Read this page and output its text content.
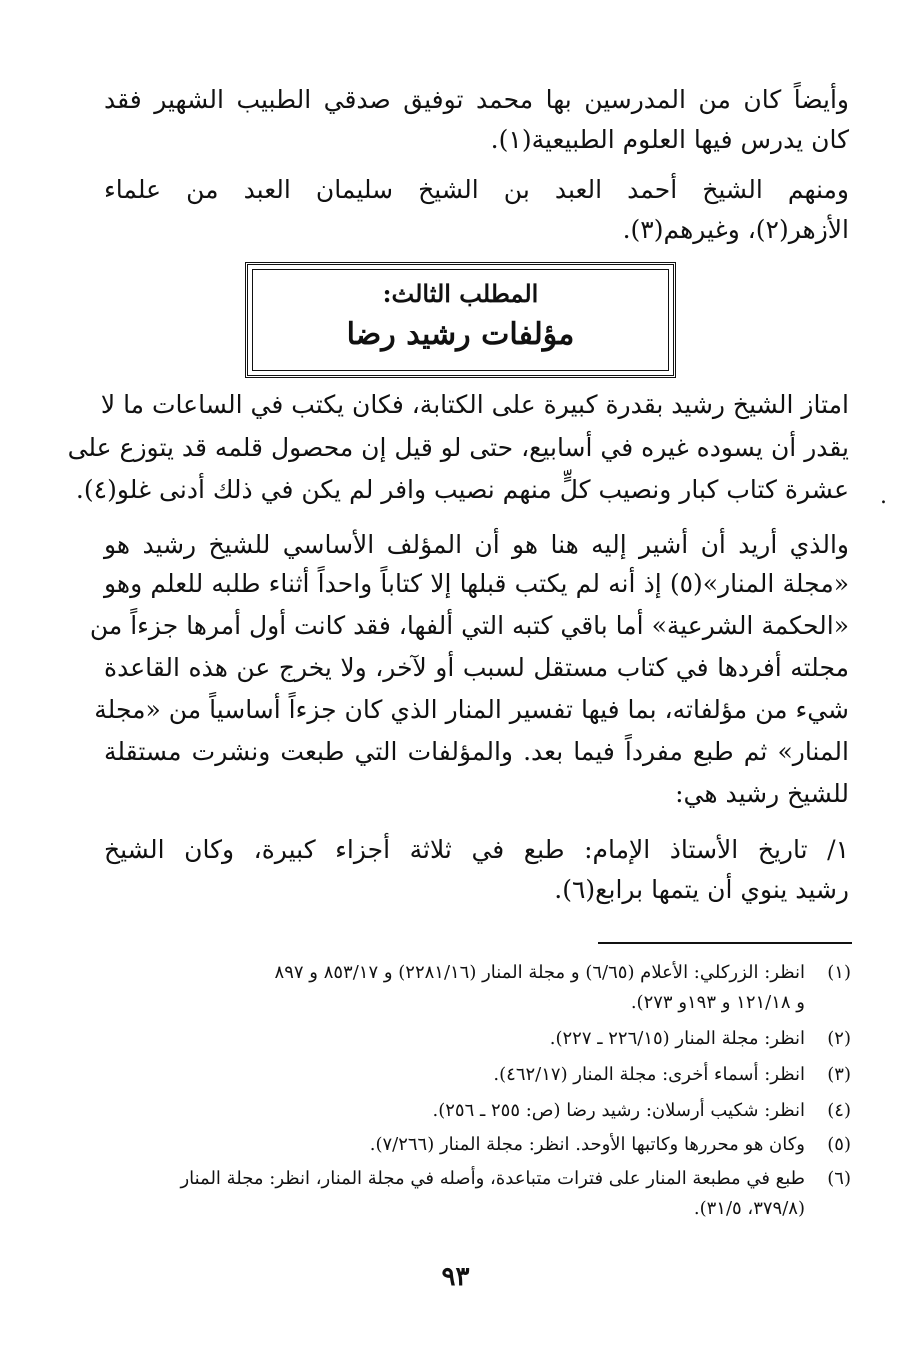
وأيضاً كان من المدرسين بها محمد توفيق صدقي الطبيب الشهير فقد
كان يدرس فيها العلوم الطبيعية(١).
ومنهم الشيخ أحمد العبد بن الشيخ سليمان العبد من علماء
الأزهر(٢)، وغيرهم(٣).
المطلب الثالث:
مؤلفات رشيد رضا
امتاز الشيخ رشيد بقدرة كبيرة على الكتابة، فكان يكتب في الساعات ما لا
يقدر أن يسوده غيره في أسابيع، حتى لو قيل إن محصول قلمه قد يتوزع على
عشرة كتاب كبار ونصيب كلٍّ منهم نصيب وافر لم يكن في ذلك أدنى غلو(٤). .
والذي أريد أن أشير إليه هنا هو أن المؤلف الأساسي للشيخ رشيد هو
«مجلة المنار»(٥) إذ أنه لم يكتب قبلها إلا كتاباً واحداً أثناء طلبه للعلم وهو
«الحكمة الشرعية» أما باقي كتبه التي ألفها، فقد كانت أول أمرها جزءاً من
مجلته أفردها في كتاب مستقل لسبب أو لآخر، ولا يخرج عن هذه القاعدة
شيء من مؤلفاته، بما فيها تفسير المنار الذي كان جزءاً أساسياً من «مجلة
المنار» ثم طبع مفرداً فيما بعد. والمؤلفات التي طبعت ونشرت مستقلة
للشيخ رشيد هي:
١/ تاريخ الأستاذ الإمام: طبع في ثلاثة أجزاء كبيرة، وكان الشيخ
رشيد ينوي أن يتمها برابع(٦).
(١)
انظر: الزركلي: الأعلام (٦/٦٥) و مجلة المنار (٢٢٨١/١٦) و ٨٥٣/١٧ و ٨٩٧
و ١٢١/١٨ و ١٩٣و ٢٧٣).
(٢)
انظر: مجلة المنار (٢٢٦/١٥ ـ ٢٢٧).
(٣)
انظر: أسماء أخرى: مجلة المنار (٤٦٢/١٧).
(٤)
انظر: شكيب أرسلان: رشيد رضا (ص: ٢٥٥ ـ ٢٥٦).
(٥)
وكان هو محررها وكاتبها الأوحد. انظر: مجلة المنار (٧/٢٦٦).
(٦)
طبع في مطبعة المنار على فترات متباعدة، وأصله في مجلة المنار، انظر: مجلة المنار
(٣٧٩/٨، ٣١/٥).
٩٣
